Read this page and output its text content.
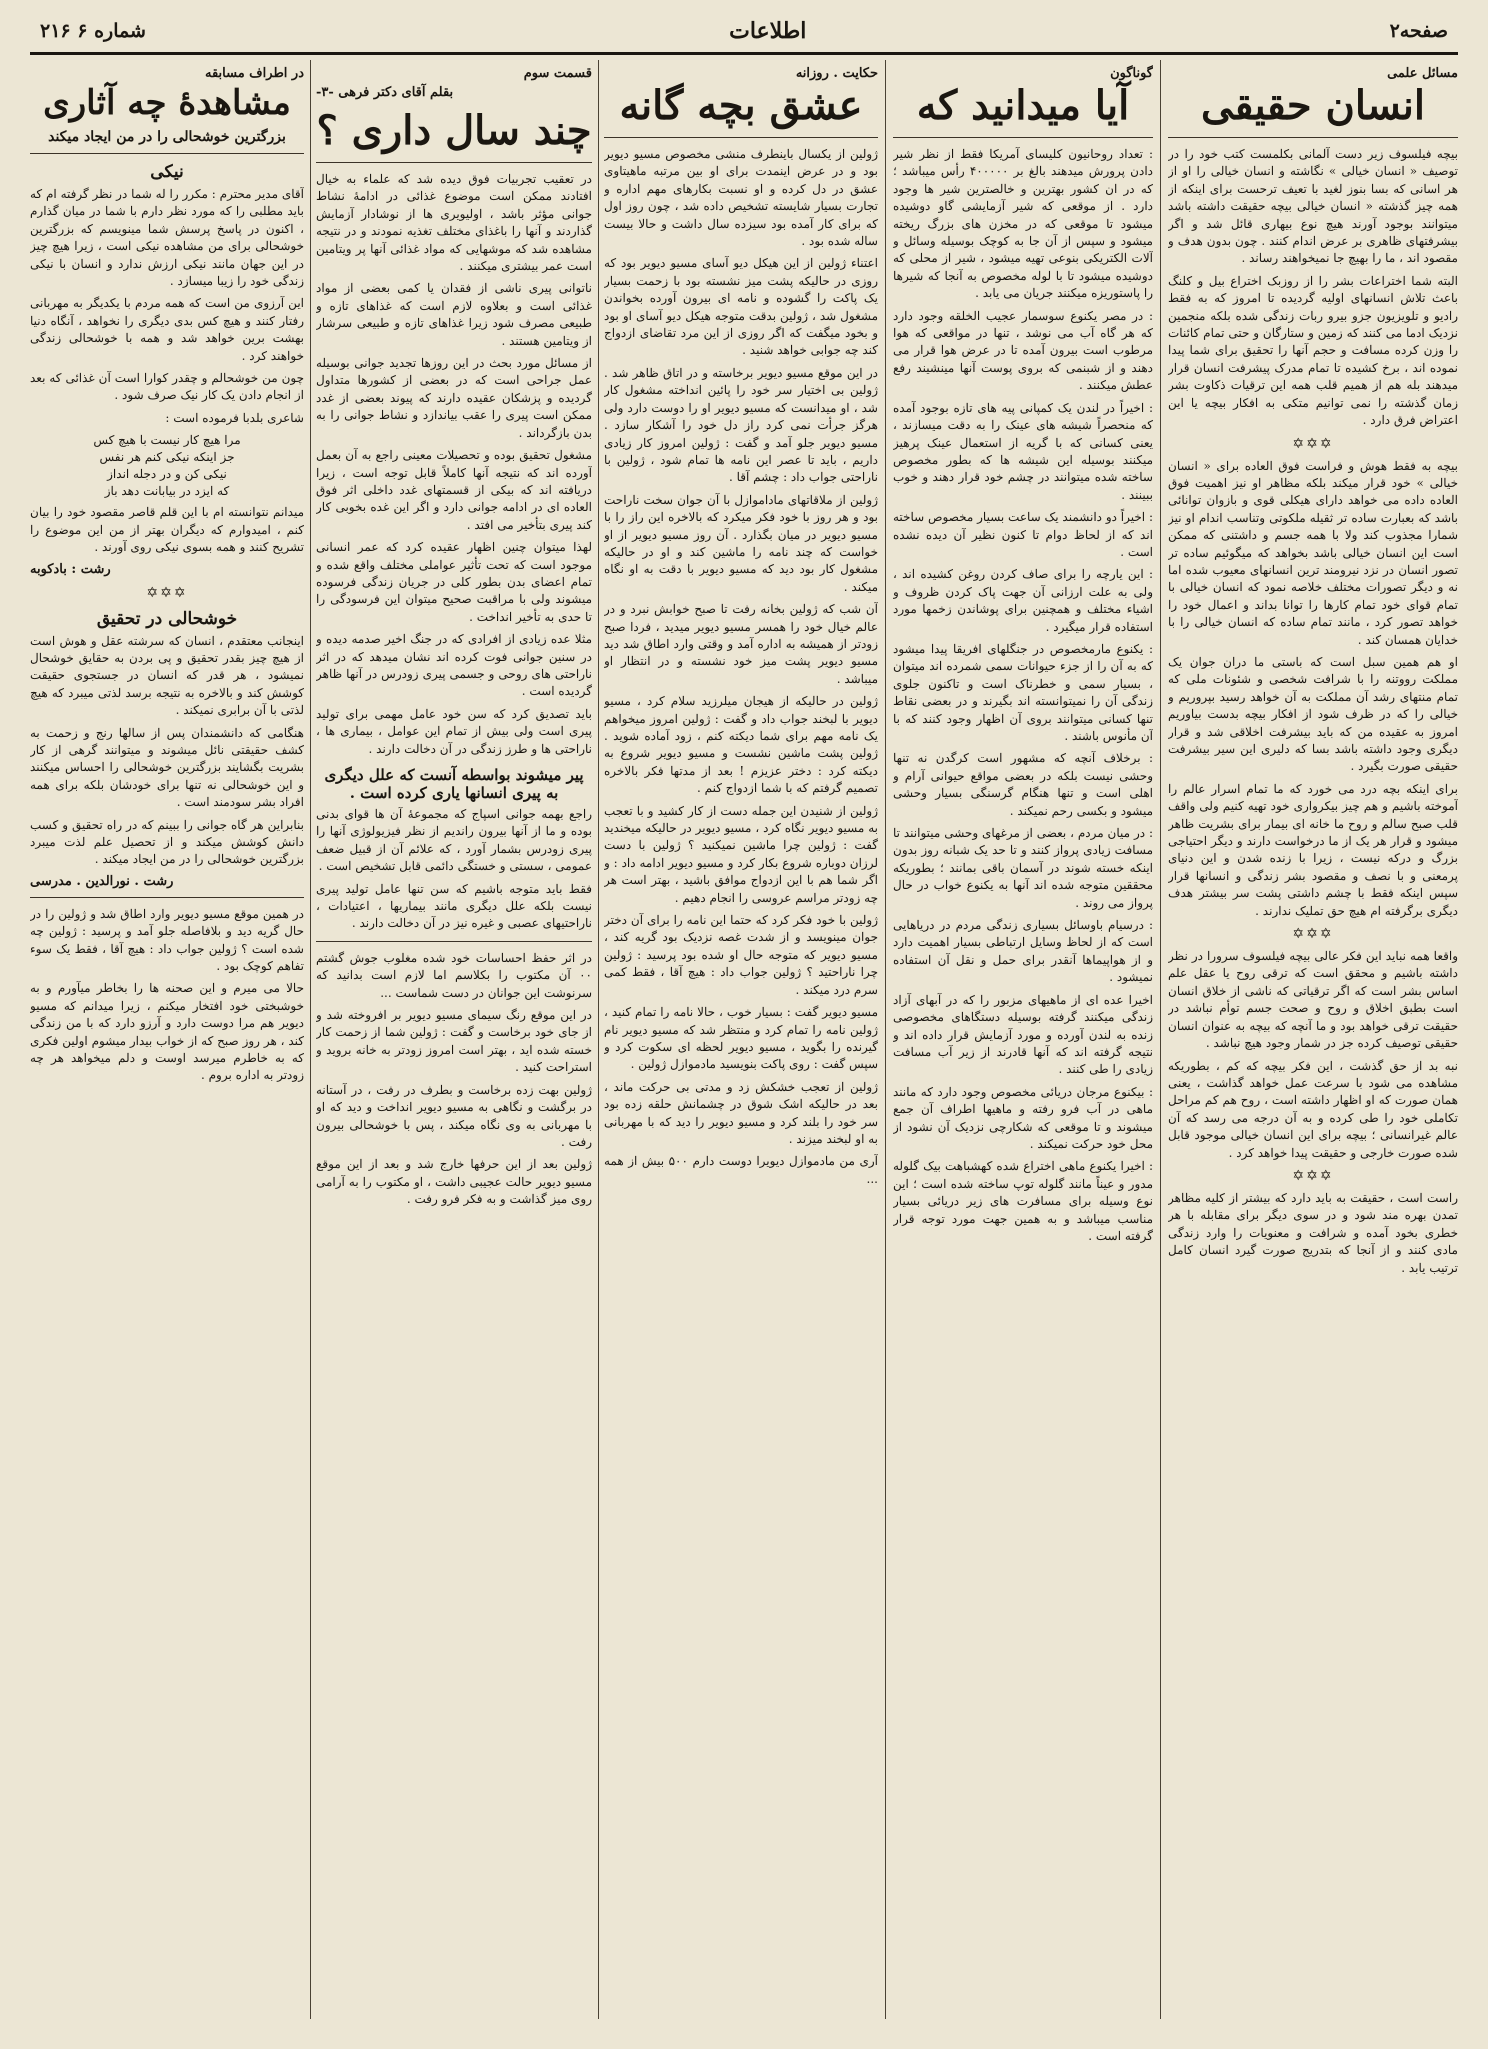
صفحه۲
اطلاعات
شماره ۶ ۲۱۶
مسائل علمی
انسان حقیقی

بیچه فیلسوف زیر دست آلمانی بکلمست کتب خود را در توصیف « انسان خیالی » نگاشته و انسان خیالی را او از هر اسانی که بسا بنوز لغید با تعیف ترحست برای اینکه از همه چیز گذشته « انسان خیالی بیچه حقیقت داشته باشد میتوانند بوجود آورند هیچ نوع بیهاری قائل شد و اگر بیشرفتهای ظاهری بر عرض اندام کنند . چون بدون هدف و مقصود اند ، ما را بهیچ جا نمیخواهند رساند .

البته شما اختراعات بشر را از روزبک اختراع بیل و کلنگ باعث تلاش انسانهای اولیه گردیده تا امروز که به فقط رادیو و تلویزیون جزو بیرو ربات زندگی شده بلکه منجمین نزدیک ادما می کنند که زمین و ستارگان و حتی تمام کائنات را وزن کرده مسافت و حجم آنها را تحقیق برای شما پیدا نموده اند ، برخ کشیده تا تمام مدرک پیشرفت انسان قرار میدهند بله هم از همیم قلب همه این ترقیات ذکاوت بشر زمان گذشته را نمی توانیم متکی به افکار بیچه یا این اعتراض فرق دارد .

✡✡✡

بیچه به فقط هوش و فراست فوق العاده برای « انسان خیالی » خود قرار میکند بلکه مظاهر او نیز اهمیت فوق العاده داده می خواهد دارای هیکلی قوی و بازوان توانائی باشد که بعبارت ساده تر ثقیله ملکوتی وتناسب اندام او نیز شمارا مجذوب کند ولا با همه جسم و داشتنی که ممکن است این انسان خیالی باشد بخواهد که میگوئیم ساده تر تصور انسان در نزد نیرومند ترین انسانهای معیوب شده اما نه و دیگر تصورات مختلف خلاصه نمود که انسان خیالی با تمام قوای خود تمام کارها را توانا بداند و اعمال خود را خواهد تصور کرد ، مانند تمام ساده که انسان خیالی را با خدایان همسان کند .

او هم همین سبل است که باستی ما دران جوان یک مملکت رووتنه را با شرافت شخصی و شئونات ملی که تمام منتهای رشد آن مملکت به آن خواهد رسید بپروریم و خیالی را که در ظرف شود از افکار بیچه بدست بیاوریم امروز به عقیده من که باید بیشرفت اخلاقی شد و قرار دیگری وجود داشته باشد بسا که دلیری این سیر بیشرفت حقیقی صورت بگیرد .

برای اینکه بچه درد می خورد که ما تمام اسرار عالم را آموخته باشیم و هم چیز بیکرواری خود تهیه کنیم ولی واقف قلب صبح سالم و روح ما خانه ای بیمار برای بشریت ظاهر میشود و قرار هر یک از ما درخواست دارند و دیگر احتیاجی بزرگ و درکه نیست ، زیرا با زنده شدن و این دنیای پرمعنی و با نصف و مقصود بشر زندگی و انسانها قرار سپس اینکه فقط با چشم داشتی پشت سر بیشتر هدف دیگری برگرفته ام هیچ حق تملیک ندارند .

✡✡✡

واقعا همه نباید این فکر عالی بیچه فیلسوف سرورا در نظر داشته باشیم و محقق است که ترقی روح یا عقل علم اساس بشر است که اگر ترقیاتی که ناشی از خلاق انسان است بطبق اخلاق و روح و صحت جسم توأم نباشد در حقیقت ترقی خواهد بود و ما آنچه که بیچه به عنوان انسان حقیقی توصیف کرده جز در شمار وجود هیچ نباشد .

نبه بد از حق گذشت ، این فکر بیچه که کم ، بطوریکه مشاهده می شود با سرعت عمل خواهد گذاشت ، یعنی همان صورت که او اظهار داشته است ، روح هم کم مراحل تکاملی خود را طی کرده و به آن درجه می رسد که آن عالم غیرانسانی ؛ بیچه برای این انسان خیالی موجود قابل شده صورت خارجی و حقیقت پیدا خواهد کرد .

✡✡✡

راست است ، حقیقت به باید دارد که بیشتر از کلیه مظاهر تمدن بهره مند شود و در سوی دیگر برای مقابله با هر خطری بخود آمده و شرافت و معنویات را وارد زندگی مادی کنند و از آنجا که بتدریج صورت گیرد انسان کامل ترتیب یابد .

گوناگون
آیا میدانید که

: تعداد روحانیون کلیسای آمریکا فقط از نظر شیر دادن پرورش میدهند بالغ بر ۴۰۰۰۰۰ رأس میباشد ؛ که در ان کشور بهترین و خالصترین شیر ها وجود دارد . از موقعی که شیر آزمایشی گاو دوشیده میشود تا موقعی که در مخزن های بزرگ ریخته میشود و سپس از آن جا به کوچک بوسیله وسائل و آلات الکتریکی بنوعی تهیه میشود ، شیر از محلی که دوشیده میشود تا با لوله مخصوص به آنجا که شیرها را پاستوریزه میکنند جریان می یابد .

: در مصر یکنوع سوسمار عجیب الخلقه وجود دارد که هر گاه آب می نوشد ، تنها در مواقعی که هوا مرطوب است بیرون آمده تا در عرض هوا قرار می دهند و از شبنمی که بروی پوست آنها مینشیند رفع عطش میکنند .

: اخیراً در لندن یک کمپانی پیه های تازه بوجود آمده که منحصراً شیشه های عینک را به دقت میسازند ، یعنی کسانی که با گریه از استعمال عینک پرهیز میکنند بوسیله این شیشه ها که بطور مخصوص ساخته شده میتوانند در چشم خود قرار دهند و خوب ببینند .

: اخیراً دو دانشمند یک ساعت بسیار مخصوص ساخته اند که از لحاظ دوام تا کنون نظیر آن دیده نشده است .

: این یارچه را برای صاف کردن روغن کشیده اند ، ولی به علت ارزانی آن جهت پاک کردن ظروف و اشیاء مختلف و همچنین برای پوشاندن زخمها مورد استفاده قرار میگیرد .

: یکنوع مارمخصوص در جنگلهای افریقا پیدا میشود که به آن را از جزء حیوانات سمی شمرده اند میتوان ، بسیار سمی و خطرناک است و تاکنون جلوی زندگی آن را نمیتوانسته اند بگیرند و در بعضی نقاط تنها کسانی میتوانند بروی آن اظهار وجود کنند که با آن مأنوس باشند .

: برخلاف آنچه که مشهور است کرگدن نه تنها وحشی نیست بلکه در بعضی مواقع حیوانی آرام و اهلی است و تنها هنگام گرسنگی بسیار وحشی میشود و بکسی رحم نمیکند .

: در میان مردم ، بعضی از مرغهای وحشی میتوانند تا مسافت زیادی پرواز کنند و تا حد یک شبانه روز بدون اینکه خسته شوند در آسمان باقی بمانند ؛ بطوریکه محققین متوجه شده اند آنها به یکنوع خواب در حال پرواز می روند .

: درسیام باوسائل بسیاری زندگی مردم در دریاهایی است که از لحاظ وسایل ارتباطی بسیار اهمیت دارد و از هواپیماها آنقدر برای حمل و نقل آن استفاده نمیشود .

اخیرا عده ای از ماهیهای مزبور را که در آبهای آزاد زندگی میکنند گرفته بوسیله دستگاهای مخصوصی زنده به لندن آورده و مورد آزمایش قرار داده اند و نتیجه گرفته اند که آنها قادرند از زیر آب مسافت زیادی را طی کنند .

: بیکنوع مرجان دریائی مخصوص وجود دارد که مانند ماهی در آب فرو رفته و ماهیها اطراف آن جمع میشوند و تا موقعی که شکارچی نزدیک آن نشود از محل خود حرکت نمیکند .

: اخیرا یکنوع ماهی اختراع شده کهشباهت بیک گلوله مدور و عیناً مانند گلوله توپ ساخته شده است ؛ این نوع وسیله برای مسافرت های زیر دریائی بسیار مناسب میباشد و به همین جهت مورد توجه قرار گرفته است .

حکایت . روزانه
عشق بچه گانه

ژولین از یکسال باینطرف منشی مخصوص مسیو دیویر بود و در عرض اینمدت برای او بین مرتبه ماهیتاوی عشق در دل کرده و او نسبت بکارهای مهم اداره و تجارت بسیار شایسته تشخیص داده شد ، چون روز اول که برای کار آمده بود سیزده سال داشت و حالا بیست ساله شده بود .

اعتناء ژولین از این هیکل دیو آسای مسیو دیویر بود که روزی در حالیکه پشت میز نشسته بود با زحمت بسیار یک پاکت را گشوده و نامه ای بیرون آورده بخواندن مشغول شد ، ژولین بدقت متوجه هیکل دیو آسای او بود و بخود میگفت که اگر روزی از این مرد تقاضای ازدواج کند چه جوابی خواهد شنید .

در این موقع مسیو دیویر برخاسته و در اتاق ظاهر شد . ژولین بی اختیار سر خود را پائین انداخته مشغول کار شد ، او میدانست که مسیو دیویر او را دوست دارد ولی هرگز جرأت نمی کرد راز دل خود را آشکار سازد . مسیو دیویر جلو آمد و گفت : ژولین امروز کار زیادی داریم ، باید تا عصر این نامه ها تمام شود ، ژولین با ناراحتی جواب داد : چشم آقا .

ژولین از ملاقاتهای ماداموازل با آن جوان سخت ناراحت بود و هر روز با خود فکر میکرد که بالاخره این راز را با مسیو دیویر در میان بگذارد . آن روز مسیو دیویر از او خواست که چند نامه را ماشین کند و او در حالیکه مشغول کار بود دید که مسیو دیویر با دقت به او نگاه میکند .

آن شب که ژولین بخانه رفت تا صبح خوابش نبرد و در عالم خیال خود را همسر مسیو دیویر میدید ، فردا صبح زودتر از همیشه به اداره آمد و وقتی وارد اطاق شد دید مسیو دیویر پشت میز خود نشسته و در انتظار او میباشد .

ژولین در حالیکه از هیجان میلرزید سلام کرد ، مسیو دیویر با لبخند جواب داد و گفت : ژولین امروز میخواهم یک نامه مهم برای شما دیکته کنم ، زود آماده شوید . ژولین پشت ماشین نشست و مسیو دیویر شروع به دیکته کرد : دختر عزیزم ! بعد از مدتها فکر بالاخره تصمیم گرفتم که با شما ازدواج کنم .

ژولین از شنیدن این جمله دست از کار کشید و با تعجب به مسیو دیویر نگاه کرد ، مسیو دیویر در حالیکه میخندید گفت : ژولین چرا ماشین نمیکنید ؟ ژولین با دست لرزان دوباره شروع بکار کرد و مسیو دیویر ادامه داد : و اگر شما هم با این ازدواج موافق باشید ، بهتر است هر چه زودتر مراسم عروسی را انجام دهیم .

ژولین با خود فکر کرد که حتما این نامه را برای آن دختر جوان مینویسد و از شدت غصه نزدیک بود گریه کند ، مسیو دیویر که متوجه حال او شده بود پرسید : ژولین چرا ناراحتید ؟ ژولین جواب داد : هیچ آقا ، فقط کمی سرم درد میکند .

مسیو دیویر گفت : بسیار خوب ، حالا نامه را تمام کنید ، ژولین نامه را تمام کرد و منتظر شد که مسیو دیویر نام گیرنده را بگوید ، مسیو دیویر لحظه ای سکوت کرد و سپس گفت : روی پاکت بنویسید مادموازل ژولین .

ژولین از تعجب خشکش زد و مدتی بی حرکت ماند ، بعد در حالیکه اشک شوق در چشمانش حلقه زده بود سر خود را بلند کرد و مسیو دیویر را دید که با مهربانی به او لبخند میزند .

آری من مادموازل دیویرا دوست دارم ۵۰۰ بیش از همه ...

قسمت سوم
بقلم آقای دکتر فرهی -۳-
چند سال داری ؟

در تعقیب تجربیات فوق دیده شد که علماء به خیال افتادند ممکن است موضوع غذائی در ادامهٔ نشاط جوانی مؤثر باشد ، اولیویری ها از نوشادار آزمایش گذاردند و آنها را باغذای مختلف تغذیه نمودند و در نتیجه مشاهده شد که موشهایی که مواد غذائی آنها پر ویتامین است عمر بیشتری میکنند .

ناتوانی پیری ناشی از فقدان یا کمی بعضی از مواد غذائی است و بعلاوه لازم است که غذاهای تازه و طبیعی مصرف شود زیرا غذاهای تازه و طبیعی سرشار از ویتامین هستند .

از مسائل مورد بحث در این روزها تجدید جوانی بوسیله عمل جراحی است که در بعضی از کشورها متداول گردیده و پزشکان عقیده دارند که پیوند بعضی از غدد ممکن است پیری را عقب بیاندازد و نشاط جوانی را به بدن بازگرداند .

مشغول تحقیق بوده و تحصیلات معینی راجع به آن بعمل آورده اند که نتیجه آنها کاملاً قابل توجه است ، زیرا دریافته اند که بیکی از قسمتهای غدد داخلی اثر فوق العاده ای در ادامه جوانی دارد و اگر این غده بخوبی کار کند پیری بتأخیر می افتد .

لهذا میتوان چنین اظهار عقیده کرد که عمر انسانی موجود است که تحت تأثیر عواملی مختلف واقع شده و تمام اعضای بدن بطور کلی در جریان زندگی فرسوده میشوند ولی با مراقبت صحیح میتوان این فرسودگی را تا حدی به تأخیر انداخت .

مثلا عده زیادی از افرادی که در جنگ اخیر صدمه دیده و در سنین جوانی فوت کرده اند نشان میدهد که در اثر ناراحتی های روحی و جسمی پیری زودرس در آنها ظاهر گردیده است .

باید تصدیق کرد که سن خود عامل مهمی برای تولید پیری است ولی بیش از تمام این عوامل ، بیماری ها ، ناراحتی ها و طرز زندگی در آن دخالت دارند .

پیر میشوند بواسطه آنست که علل دیگری به پیری انسانها یاری کرده است .

راجع بهمه جوانی اسپاج که مجموعهٔ آن ها قوای بدنی بوده و ما از آنها بیرون راندیم از نظر فیزیولوژی آنها را پیری زودرس بشمار آورد ، که علائم آن از قبیل ضعف عمومی ، سستی و خستگی دائمی قابل تشخیص است .

فقط باید متوجه باشیم که سن تنها عامل تولید پیری نیست بلکه علل دیگری مانند بیماریها ، اعتیادات ، ناراحتیهای عصبی و غیره نیز در آن دخالت دارند .

در اثر حفظ احساسات خود شده مغلوب جوش گشتم ۰۰ آن مکتوب را بکلاسم اما لازم است بدانید که سرنوشت این جوانان در دست شماست ...

در این موقع رنگ سیمای مسیو دیویر بر افروخته شد و از جای خود برخاست و گفت : ژولین شما از زحمت کار خسته شده اید ، بهتر است امروز زودتر به خانه بروید و استراحت کنید .

ژولین بهت زده برخاست و بطرف در رفت ، در آستانه در برگشت و نگاهی به مسیو دیویر انداخت و دید که او با مهربانی به وی نگاه میکند ، پس با خوشحالی بیرون رفت .

ژولین بعد از این حرفها خارج شد و بعد از این موقع مسیو دیویر حالت عجیبی داشت ، او مکتوب را به آرامی روی میز گذاشت و به فکر فرو رفت .

در اطراف مسابقه
مشاهدهٔ چه آثاری
بزرگترین خوشحالی را در من ایجاد میکند
نیکی

آقای مدیر محترم : مکرر را له شما در نظر گرفته ام که باید مطلبی را که مورد نظر دارم با شما در میان گذارم ، اکنون در پاسخ پرسش شما مینویسم که بزرگترین خوشحالی برای من مشاهده نیکی است ، زیرا هیچ چیز در این جهان مانند نیکی ارزش ندارد و انسان با نیکی زندگی خود را زیبا میسازد .

این آرزوی من است که همه مردم با یکدیگر به مهربانی رفتار کنند و هیچ کس بدی دیگری را نخواهد ، آنگاه دنیا بهشت برین خواهد شد و همه با خوشحالی زندگی خواهند کرد .

چون من خوشحالم و چقدر کوارا است آن غذائی که بعد از انجام دادن یک کار نیک صرف شود .

شاعری بلدبا فرموده است :

مرا هیچ کار نیست با هیچ کس
جز اینکه نیکی کنم هر نفس
نیکی کن و در دجله انداز
که ایزد در بیابانت دهد باز

میدانم نتوانسته ام با این قلم قاصر مقصود خود را بیان کنم ، امیدوارم که دیگران بهتر از من این موضوع را تشریح کنند و همه بسوی نیکی روی آورند .

رشت : بادکوبه
✡✡✡
خوشحالی در تحقیق

اینجانب معتقدم ، انسان که سرشته عقل و هوش است از هیچ چیز بقدر تحقیق و پی بردن به حقایق خوشحال نمیشود ، هر قدر که انسان در جستجوی حقیقت کوشش کند و بالاخره به نتیجه برسد لذتی میبرد که هیچ لذتی با آن برابری نمیکند .

هنگامی که دانشمندان پس از سالها رنج و زحمت به کشف حقیقتی نائل میشوند و میتوانند گرهی از کار بشریت بگشایند بزرگترین خوشحالی را احساس میکنند و این خوشحالی نه تنها برای خودشان بلکه برای همه افراد بشر سودمند است .

بنابراین هر گاه جوانی را ببینم که در راه تحقیق و کسب دانش کوشش میکند و از تحصیل علم لذت میبرد بزرگترین خوشحالی را در من ایجاد میکند .

رشت . نورالدین . مدرسی

در همین موقع مسیو دیویر وارد اطاق شد و ژولین را در حال گریه دید و بلافاصله جلو آمد و پرسید : ژولین چه شده است ؟ ژولین جواب داد : هیچ آقا ، فقط یک سوء تفاهم کوچک بود .

حالا می میرم و این صحنه ها را بخاطر میآورم و به خوشبختی خود افتخار میکنم ، زیرا میدانم که مسیو دیویر هم مرا دوست دارد و آرزو دارد که با من زندگی کند ، هر روز صبح که از خواب بیدار میشوم اولین فکری که به خاطرم میرسد اوست و دلم میخواهد هر چه زودتر به اداره بروم .
